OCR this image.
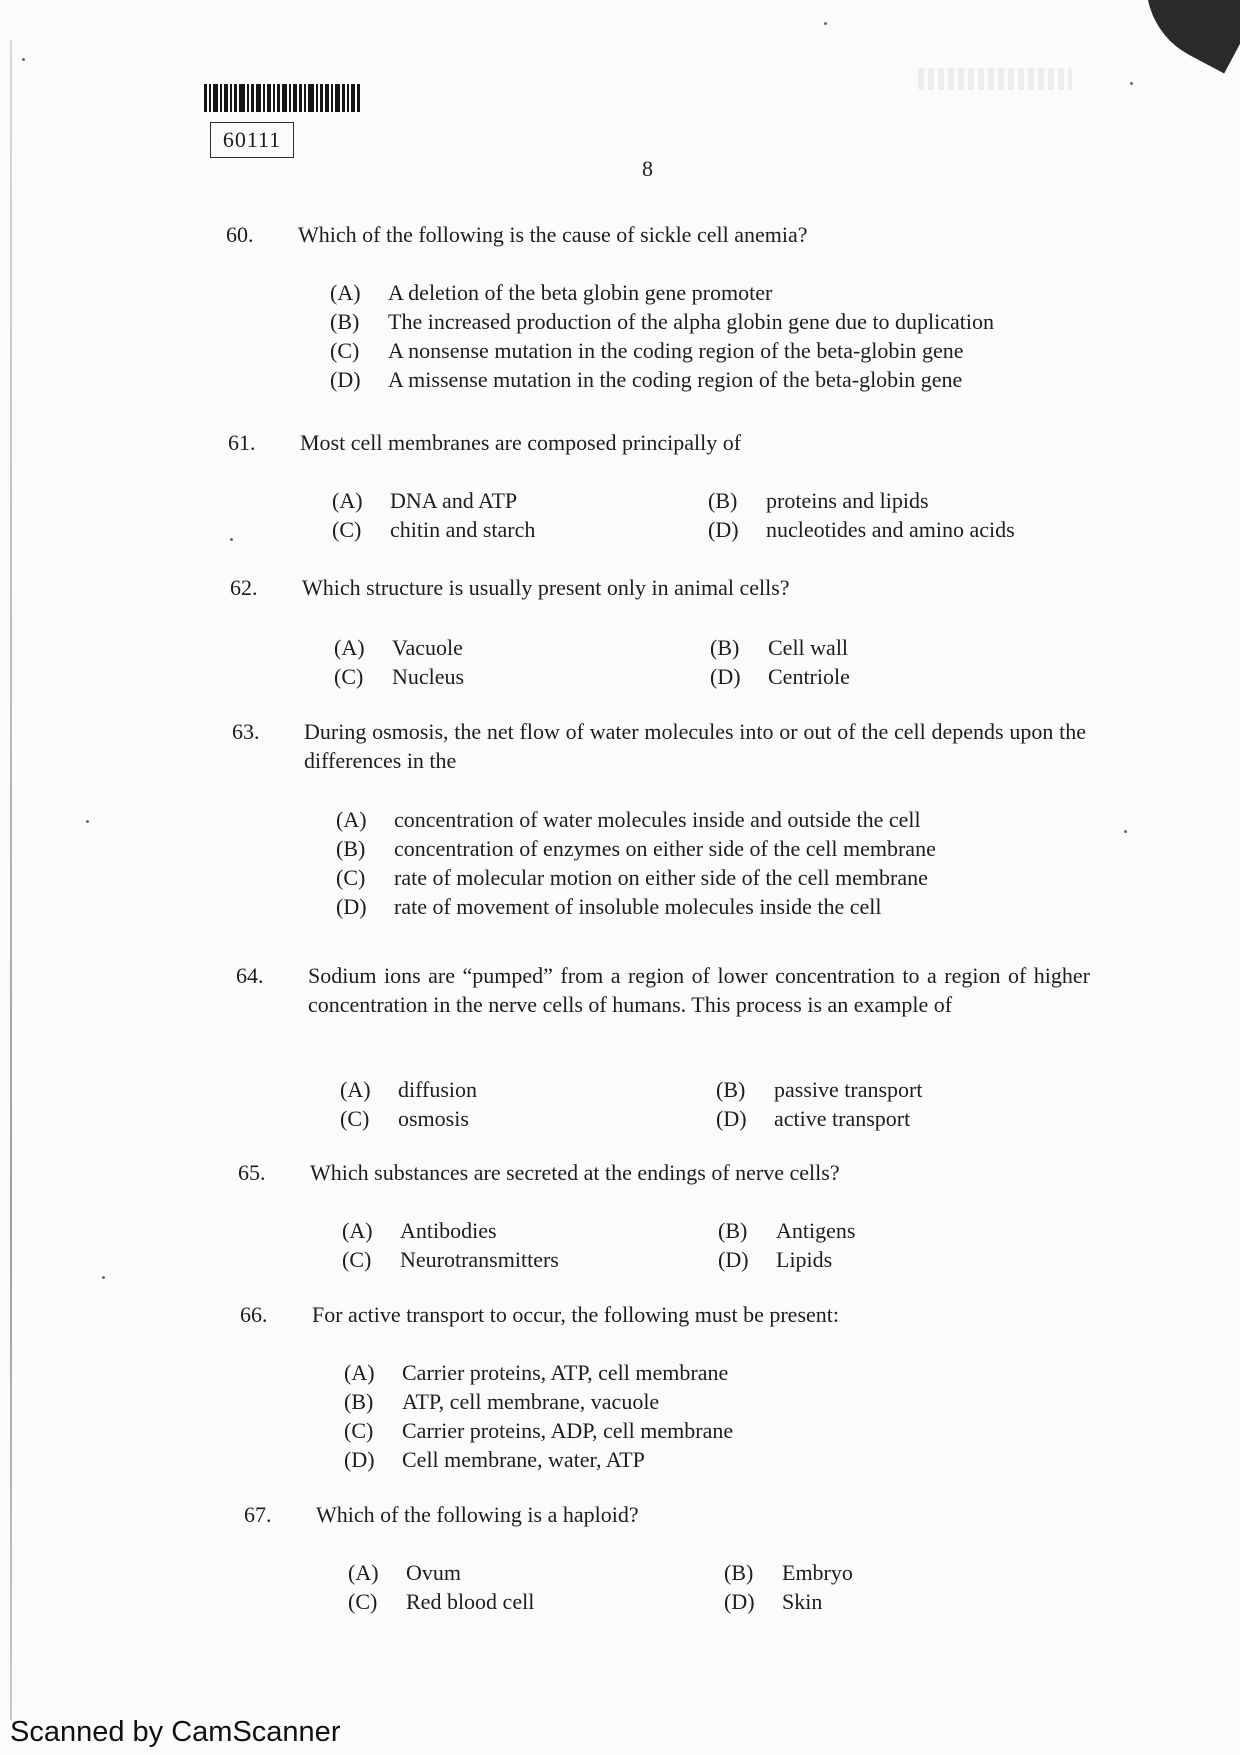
60111
8
60.	Which of the following is the cause of sickle cell anemia?
(A)	A deletion of the beta globin gene promoter
(B)	The increased production of the alpha globin gene due to duplication
(C)	A nonsense mutation in the coding region of the beta-globin gene
(D)	A missense mutation in the coding region of the beta-globin gene
61.	Most cell membranes are composed principally of
(A)	DNA and ATP	(B)	proteins and lipids
(C)	chitin and starch	(D)	nucleotides and amino acids
62.	Which structure is usually present only in animal cells?
(A)	Vacuole	(B)	Cell wall
(C)	Nucleus	(D)	Centriole
63.	During osmosis, the net flow of water molecules into or out of the cell depends upon the differences in the
(A)	concentration of water molecules inside and outside the cell
(B)	concentration of enzymes on either side of the cell membrane
(C)	rate of molecular motion on either side of the cell membrane
(D)	rate of movement of insoluble molecules inside the cell
64.	Sodium ions are “pumped” from a region of lower concentration to a region of higher concentration in the nerve cells of humans. This process is an example of
(A)	diffusion	(B)	passive transport
(C)	osmosis	(D)	active transport
65.	Which substances are secreted at the endings of nerve cells?
(A)	Antibodies	(B)	Antigens
(C)	Neurotransmitters	(D)	Lipids
66.	For active transport to occur, the following must be present:
(A)	Carrier proteins, ATP, cell membrane
(B)	ATP, cell membrane, vacuole
(C)	Carrier proteins, ADP, cell membrane
(D)	Cell membrane, water, ATP
67.	Which of the following is a haploid?
(A)	Ovum	(B)	Embryo
(C)	Red blood cell	(D)	Skin
Scanned by CamScanner
